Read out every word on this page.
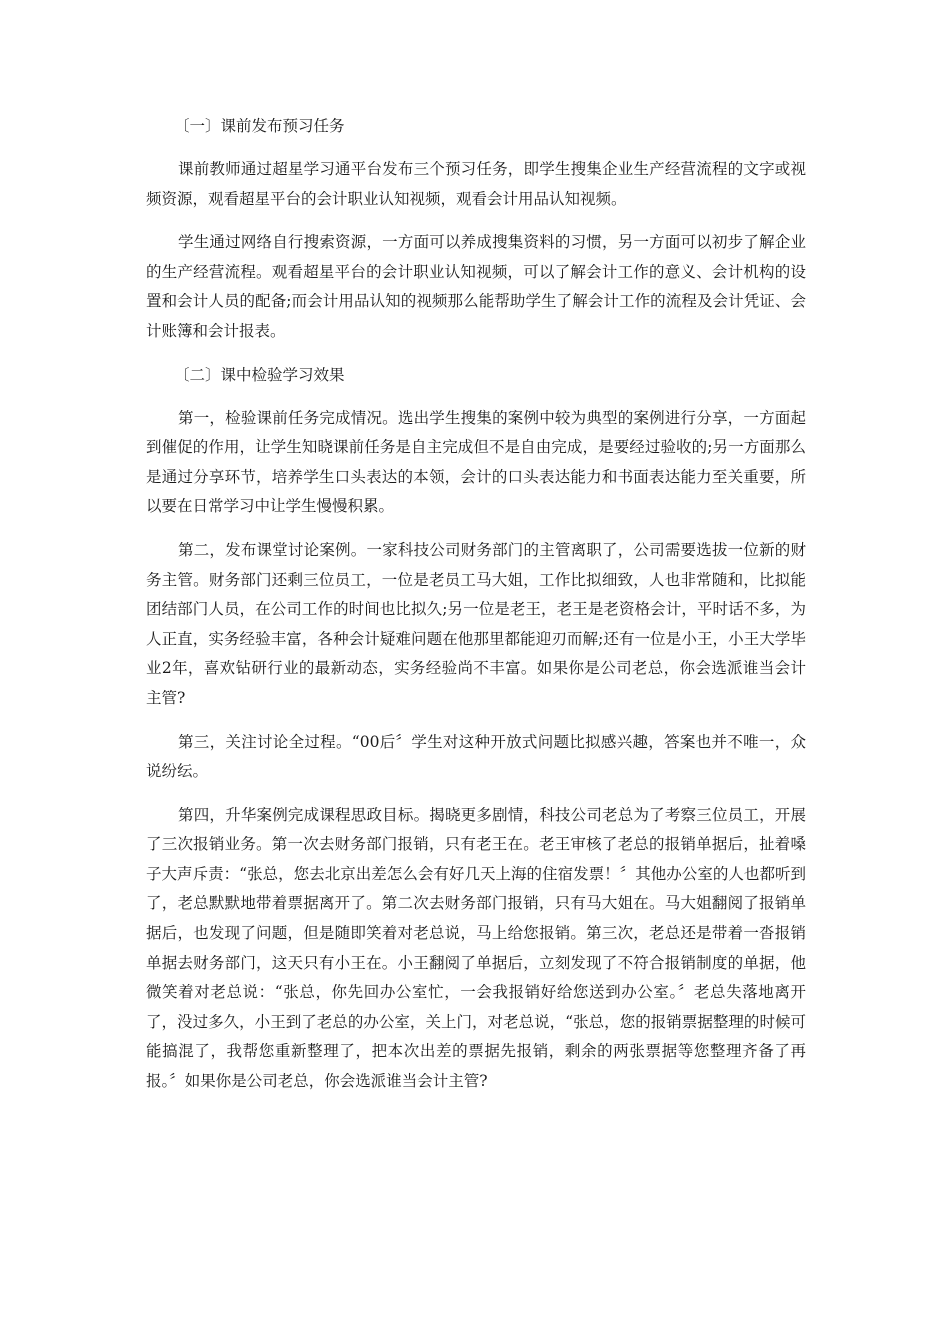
〔一〕课前发布预习任务

课前教师通过超星学习通平台发布三个预习任务，即学生搜集企业生产经营流程的文字或视频资源，观看超星平台的会计职业认知视频，观看会计用品认知视频。

学生通过网络自行搜索资源，一方面可以养成搜集资料的习惯，另一方面可以初步了解企业的生产经营流程。观看超星平台的会计职业认知视频，可以了解会计工作的意义、会计机构的设置和会计人员的配备;而会计用品认知的视频那么能帮助学生了解会计工作的流程及会计凭证、会计账簿和会计报表。

〔二〕课中检验学习效果

第一，检验课前任务完成情况。选出学生搜集的案例中较为典型的案例进行分享，一方面起到催促的作用，让学生知晓课前任务是自主完成但不是自由完成，是要经过验收的;另一方面那么是通过分享环节，培养学生口头表达的本领，会计的口头表达能力和书面表达能力至关重要，所以要在日常学习中让学生慢慢积累。

第二，发布课堂讨论案例。一家科技公司财务部门的主管离职了，公司需要选拔一位新的财务主管。财务部门还剩三位员工，一位是老员工马大姐，工作比拟细致，人也非常随和，比拟能团结部门人员，在公司工作的时间也比拟久;另一位是老王，老王是老资格会计，平时话不多，为人正直，实务经验丰富，各种会计疑难问题在他那里都能迎刃而解;还有一位是小王，小王大学毕业2年，喜欢钻研行业的最新动态，实务经验尚不丰富。如果你是公司老总，你会选派谁当会计主管?

第三，关注讨论全过程。“00后〞学生对这种开放式问题比拟感兴趣，答案也并不唯一，众说纷纭。

第四，升华案例完成课程思政目标。揭晓更多剧情，科技公司老总为了考察三位员工，开展了三次报销业务。第一次去财务部门报销，只有老王在。老王审核了老总的报销单据后，扯着嗓子大声斥责：“张总，您去北京出差怎么会有好几天上海的住宿发票！〞其他办公室的人也都听到了，老总默默地带着票据离开了。第二次去财务部门报销，只有马大姐在。马大姐翻阅了报销单据后，也发现了问题，但是随即笑着对老总说，马上给您报销。第三次，老总还是带着一沓报销单据去财务部门，这天只有小王在。小王翻阅了单据后，立刻发现了不符合报销制度的单据，他微笑着对老总说：“张总，你先回办公室忙，一会我报销好给您送到办公室。〞老总失落地离开了，没过多久，小王到了老总的办公室，关上门，对老总说，“张总，您的报销票据整理的时候可能搞混了，我帮您重新整理了，把本次出差的票据先报销，剩余的两张票据等您整理齐备了再报。〞如果你是公司老总，你会选派谁当会计主管?
